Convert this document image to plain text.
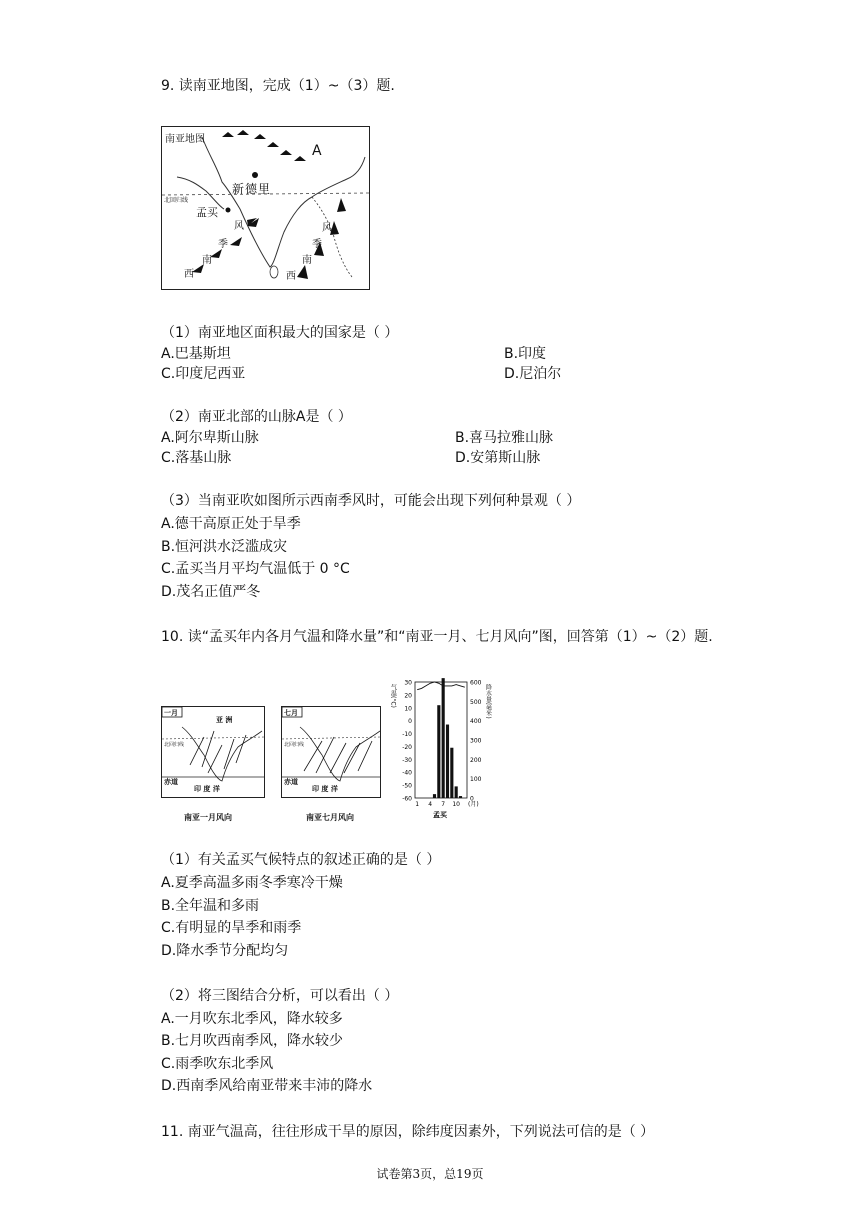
9. 读南亚地图，完成（1）~（3）题.
南亚地图
A
新德里
北回归线
孟买
风
季
南
西
风
季
南
西
（1）南亚地区面积最大的国家是（ ）
A.巴基斯坦	B.印度
C.印度尼西亚	D.尼泊尔
（2）南亚北部的山脉A是（ ）
A.阿尔卑斯山脉	B.喜马拉雅山脉
C.落基山脉	D.安第斯山脉
（3）当南亚吹如图所示西南季风时，可能会出现下列何种景观（ ）
A.德干高原正处于旱季
B.恒河洪水泛滥成灾
C.孟买当月平均气温低于 0 °C
D.茂名正值严冬
10. 读“孟买年内各月气温和降水量”和“南亚一月、七月风向”图，回答第（1）~（2）题.
一月
亚 洲
北回归线
赤道
印 度 洋
南亚一月风向
七月
北回归线
赤道
印 度 洋
南亚七月风向
30
20
10
0
-10
-20
-30
-40
-50
-60
600
500
400
300
200
100
0
1 4 7 10 (月)
气温(°C)	降水量(毫米)
孟买
（1）有关孟买气候特点的叙述正确的是（ ）
A.夏季高温多雨冬季寒冷干燥
B.全年温和多雨
C.有明显的旱季和雨季
D.降水季节分配均匀
（2）将三图结合分析，可以看出（ ）
A.一月吹东北季风，降水较多
B.七月吹西南季风，降水较少
C.雨季吹东北季风
D.西南季风给南亚带来丰沛的降水
11. 南亚气温高，往往形成干旱的原因，除纬度因素外，下列说法可信的是（ ）
试卷第3页，总19页
